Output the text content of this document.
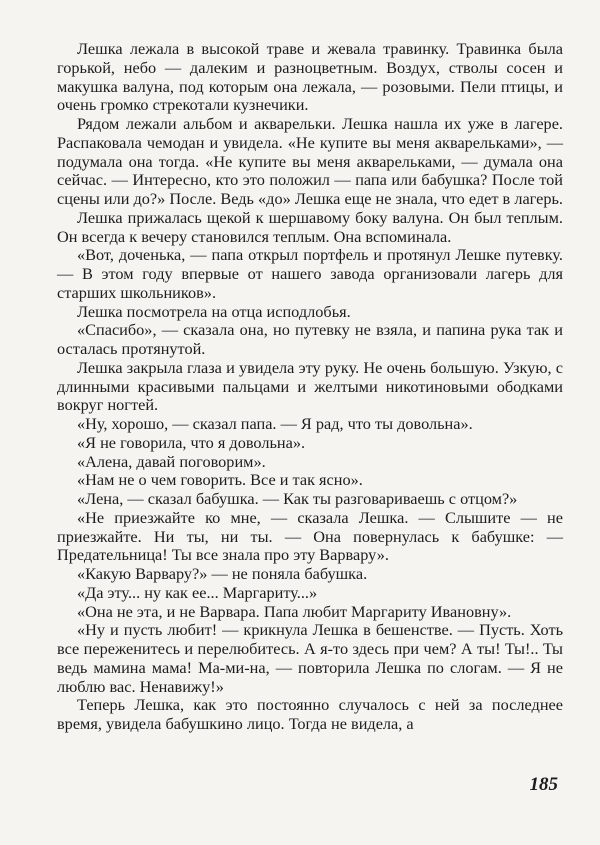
Лешка лежала в высокой траве и жевала травинку. Травинка была горькой, небо — далеким и разноцветным. Воздух, стволы сосен и макушка валуна, под которым она лежала, — розовыми. Пели птицы, и очень громко стрекотали кузнечики.

Рядом лежали альбом и акварельки. Лешка нашла их уже в лагере. Распаковала чемодан и увидела. «Не купите вы меня акварельками», — подумала она тогда. «Не купите вы меня акварельками, — думала она сейчас. — Интересно, кто это положил — папа или бабушка? После той сцены или до?» После. Ведь «до» Лешка еще не знала, что едет в лагерь.

Лешка прижалась щекой к шершавому боку валуна. Он был теплым. Он всегда к вечеру становился теплым. Она вспоминала.

«Вот, доченька, — папа открыл портфель и протянул Лешке путевку. — В этом году впервые от нашего завода организовали лагерь для старших школьников».

Лешка посмотрела на отца исподлобья.

«Спасибо», — сказала она, но путевку не взяла, и папина рука так и осталась протянутой.

Лешка закрыла глаза и увидела эту руку. Не очень большую. Узкую, с длинными красивыми пальцами и желтыми никотиновыми ободками вокруг ногтей.

«Ну, хорошо, — сказал папа. — Я рад, что ты довольна».

«Я не говорила, что я довольна».

«Алена, давай поговорим».

«Нам не о чем говорить. Все и так ясно».

«Лена, — сказал бабушка. — Как ты разговариваешь с отцом?»

«Не приезжайте ко мне, — сказала Лешка. — Слышите — не приезжайте. Ни ты, ни ты. — Она повернулась к бабушке: — Предательница! Ты все знала про эту Варвару».

«Какую Варвару?» — не поняла бабушка.

«Да эту... ну как ее... Маргариту...»

«Она не эта, и не Варвара. Папа любит Маргариту Ивановну».

«Ну и пусть любит! — крикнула Лешка в бешенстве. — Пусть. Хоть все переженитесь и перелюбитесь. А я-то здесь при чем? А ты! Ты!.. Ты ведь мамина мама! Ма-ми-на, — повторила Лешка по слогам. — Я не люблю вас. Ненавижу!»

Теперь Лешка, как это постоянно случалось с ней за последнее время, увидела бабушкино лицо. Тогда не видела, а

185
